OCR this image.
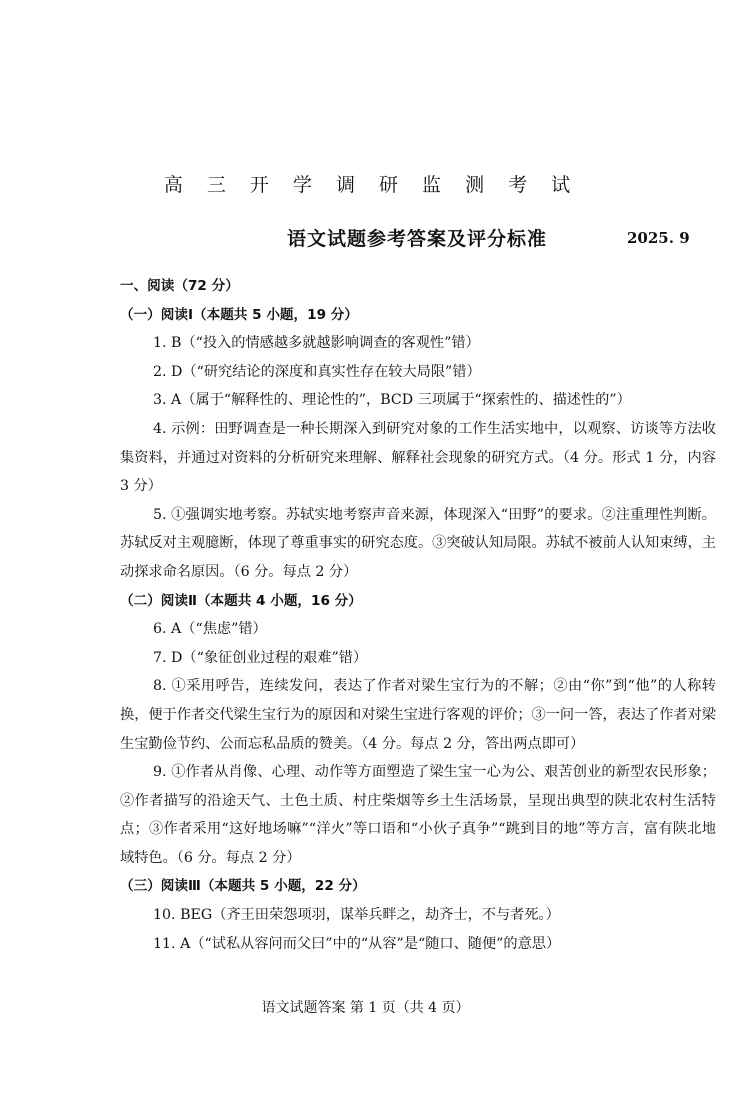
高 三 开 学 调 研 监 测 考 试
语文试题参考答案及评分标准	2025. 9

一、阅读（72 分）

（一）阅读Ⅰ（本题共 5 小题，19 分）

1. B（“投入的情感越多就越影响调查的客观性”错）

2. D（“研究结论的深度和真实性存在较大局限”错）

3. A（属于“解释性的、理论性的”，BCD 三项属于“探索性的、描述性的”）

4. 示例：田野调查是一种长期深入到研究对象的工作生活实地中，以观察、访谈等方法收集资料，并通过对资料的分析研究来理解、解释社会现象的研究方式。（4 分。形式 1 分，内容 3 分）

5. ①强调实地考察。苏轼实地考察声音来源，体现深入“田野”的要求。②注重理性判断。苏轼反对主观臆断，体现了尊重事实的研究态度。③突破认知局限。苏轼不被前人认知束缚，主动探求命名原因。（6 分。每点 2 分）

（二）阅读Ⅱ（本题共 4 小题，16 分）

6. A（“焦虑”错）

7. D（“象征创业过程的艰难”错）

8. ①采用呼告，连续发问，表达了作者对梁生宝行为的不解；②由“你”到“他”的人称转换，便于作者交代梁生宝行为的原因和对梁生宝进行客观的评价；③一问一答，表达了作者对梁生宝勤俭节约、公而忘私品质的赞美。（4 分。每点 2 分，答出两点即可）

9. ①作者从肖像、心理、动作等方面塑造了梁生宝一心为公、艰苦创业的新型农民形象；②作者描写的沿途天气、土色土质、村庄柴烟等乡土生活场景，呈现出典型的陕北农村生活特点；③作者采用“这好地场嘛”“洋火”等口语和“小伙子真争”“跳到目的地”等方言，富有陕北地域特色。（6 分。每点 2 分）

（三）阅读Ⅲ（本题共 5 小题，22 分）

10. BEG（齐王田荣怨项羽，谋举兵畔之，劫齐士，不与者死。）

11. A（“试私从容问而父曰”中的“从容”是“随口、随便”的意思）

语文试题答案 第 1 页（共 4 页）
